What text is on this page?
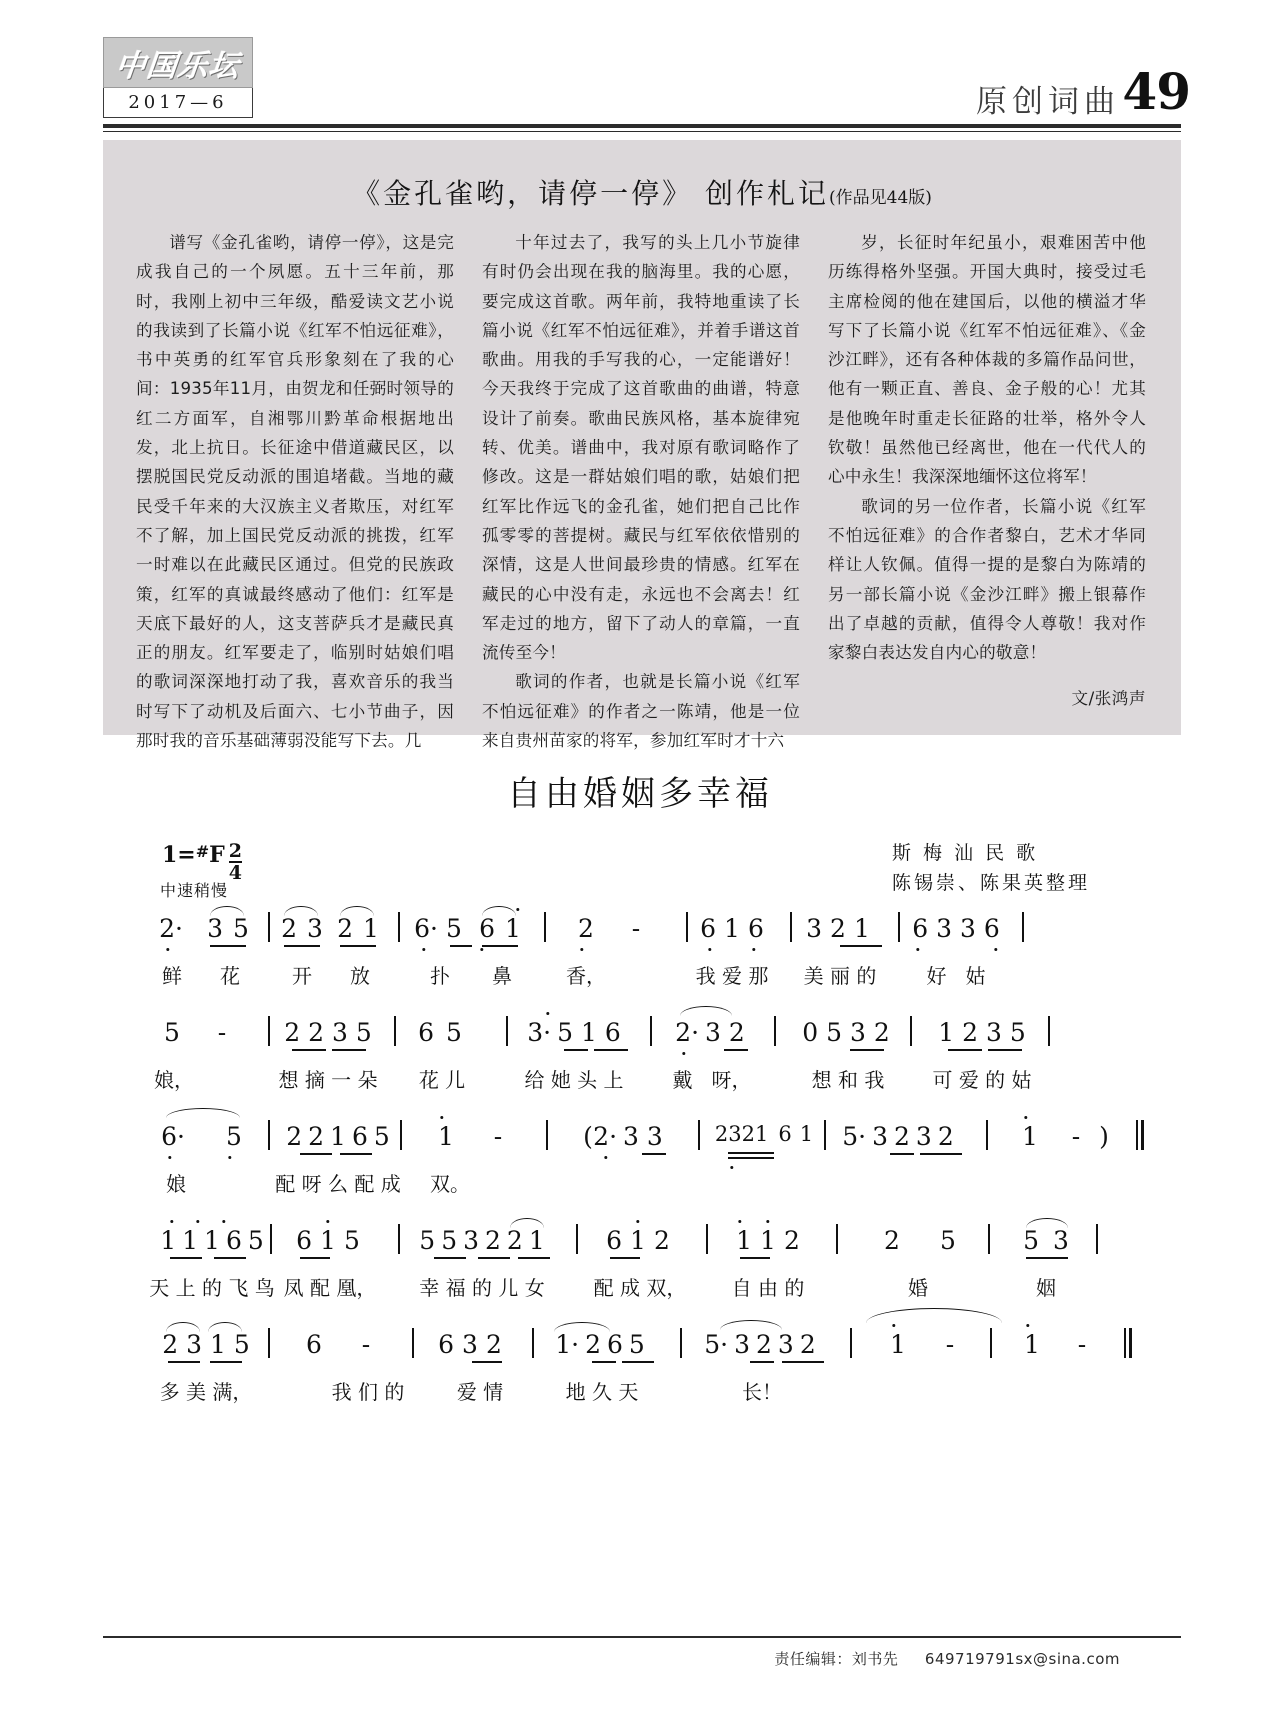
中国乐坛
2017—6	原创词曲 49
《金孔雀哟，请停一停》 创作札记(作品见44版)

谱写《金孔雀哟，请停一停》，这是完成我自己的一个夙愿。五十三年前，那时，我刚上初中三年级，酷爱读文艺小说的我读到了长篇小说《红军不怕远征难》，书中英勇的红军官兵形象刻在了我的心间：1935年11月，由贺龙和任弼时领导的红二方面军，自湘鄂川黔革命根据地出发，北上抗日。长征途中借道藏民区，以摆脱国民党反动派的围追堵截。当地的藏民受千年来的大汉族主义者欺压，对红军不了解，加上国民党反动派的挑拨，红军一时难以在此藏民区通过。但党的民族政策，红军的真诚最终感动了他们：红军是天底下最好的人，这支菩萨兵才是藏民真正的朋友。红军要走了，临别时姑娘们唱的歌词深深地打动了我，喜欢音乐的我当时写下了动机及后面六、七小节曲子，因那时我的音乐基础薄弱没能写下去。几

十年过去了，我写的头上几小节旋律有时仍会出现在我的脑海里。我的心愿，要完成这首歌。两年前，我特地重读了长篇小说《红军不怕远征难》，并着手谱这首歌曲。用我的手写我的心，一定能谱好！今天我终于完成了这首歌曲的曲谱，特意设计了前奏。歌曲民族风格，基本旋律宛转、优美。谱曲中，我对原有歌词略作了修改。这是一群姑娘们唱的歌，姑娘们把红军比作远飞的金孔雀，她们把自己比作孤零零的菩提树。藏民与红军依依惜别的深情，这是人世间最珍贵的情感。红军在藏民的心中没有走，永远也不会离去！红军走过的地方，留下了动人的章篇，一直流传至今！

歌词的作者，也就是长篇小说《红军不怕远征难》的作者之一陈靖，他是一位来自贵州苗家的将军，参加红军时才十六

岁，长征时年纪虽小，艰难困苦中他历练得格外坚强。开国大典时，接受过毛主席检阅的他在建国后，以他的横溢才华写下了长篇小说《红军不怕远征难》、《金沙江畔》，还有各种体裁的多篇作品问世，他有一颗正直、善良、金子般的心！尤其是他晚年时重走长征路的壮举，格外令人钦敬！虽然他已经离世，他在一代代人的心中永生！我深深地缅怀这位将军！

歌词的另一位作者，长篇小说《红军不怕远征难》的合作者黎白，艺术才华同样让人钦佩。值得一提的是黎白为陈靖的另一部长篇小说《金沙江畔》搬上银幕作出了卓越的贡献，值得令人尊敬！我对作家黎白表达发自内心的敬意！

文/张鸿声
自由婚姻多幸福
1= # F $\frac{2}{4}$
中速稍慢
斯 梅 汕 民 歌
陈锡崇、陈果英整理
2· 3 5 2 3 2 1 6· 5 6 1 2 - 6 1 6 3 2 1 6 3 3 6
鲜 花	开 放	扑 鼻	香，	我 爱 那 美 丽 的	好   姑
5 - 2 2 3 5 6 5	3· 5 1 6 2· 3 2 0 5 3 2 1 2 3 5
娘，	想 摘 一 朵 花 儿	给 她 头 上 戴   呀，	想 和 我 可 爱 的 姑
6· 5 2 2 1 6 5 1 -	( 2· 3 3 2321 6 1 5· 3 2 3 2	1 - )
娘	配 呀 么 配 成 双。
1 1 1 6 5 6 1 5 5 5 3 2 2 1 6 1 2	1 1 2	2 5	5 3
天 上 的 飞 鸟 凤 配 凰， 幸 福 的 儿 女 配 成 双， 自 由 的	婚	姻
2 3 1 5 6 -	6 3 2 1· 2 6 5 5· 3 2 3 2	1 -	1 -
多 美 满，	我 们 的	爱 情	地 久 天	长！
责任编辑：刘书先 649719791sx@sina.com
